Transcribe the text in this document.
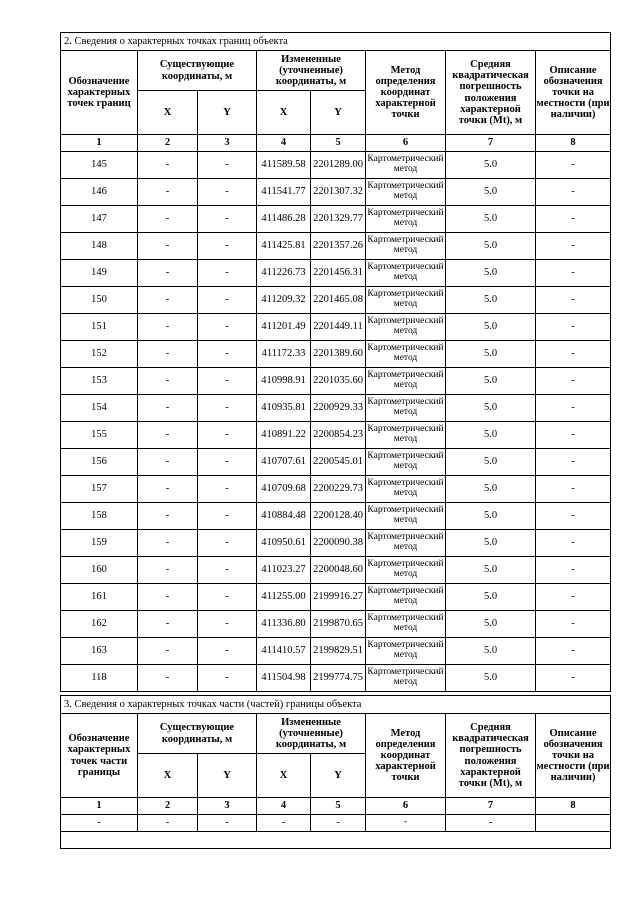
2. Сведения о характерных точках границ объекта							
Обозначение характерных точек границ	Существующие координаты, м		Измененные (уточненные) координаты, м		Метод определения координат характерной точки	Средняя квадратическая погрешность положения характерной точки (Mt), м	Описание обозначения точки на местности (при наличии)
	X	Y	X	Y			
1	2	3	4	5	6	7	8
145	-	-	411589.58	2201289.00	Картометрический метод	5.0	-
146	-	-	411541.77	2201307.32	Картометрический метод	5.0	-
147	-	-	411486.28	2201329.77	Картометрический метод	5.0	-
148	-	-	411425.81	2201357.26	Картометрический метод	5.0	-
149	-	-	411226.73	2201456.31	Картометрический метод	5.0	-
150	-	-	411209.32	2201465.08	Картометрический метод	5.0	-
151	-	-	411201.49	2201449.11	Картометрический метод	5.0	-
152	-	-	411172.33	2201389.60	Картометрический метод	5.0	-
153	-	-	410998.91	2201035.60	Картометрический метод	5.0	-
154	-	-	410935.81	2200929.33	Картометрический метод	5.0	-
155	-	-	410891.22	2200854.23	Картометрический метод	5.0	-
156	-	-	410707.61	2200545.01	Картометрический метод	5.0	-
157	-	-	410709.68	2200229.73	Картометрический метод	5.0	-
158	-	-	410884.48	2200128.40	Картометрический метод	5.0	-
159	-	-	410950.61	2200090.38	Картометрический метод	5.0	-
160	-	-	411023.27	2200048.60	Картометрический метод	5.0	-
161	-	-	411255.00	2199916.27	Картометрический метод	5.0	-
162	-	-	411336.80	2199870.65	Картометрический метод	5.0	-
163	-	-	411410.57	2199829.51	Картометрический метод	5.0	-
118	-	-	411504.98	2199774.75	Картометрический метод	5.0	-
3. Сведения о характерных точках части (частей) границы объекта							
Обозначение характерных точек части границы	Существующие координаты, м		Измененные (уточненные) координаты, м		Метод определения координат характерной точки	Средняя квадратическая погрешность положения характерной точки (Mt), м	Описание обозначения точки на местности (при наличии)
	X	Y	X	Y			
1	2	3	4	5	6	7	8
-	-	-	-	-	-	-	
